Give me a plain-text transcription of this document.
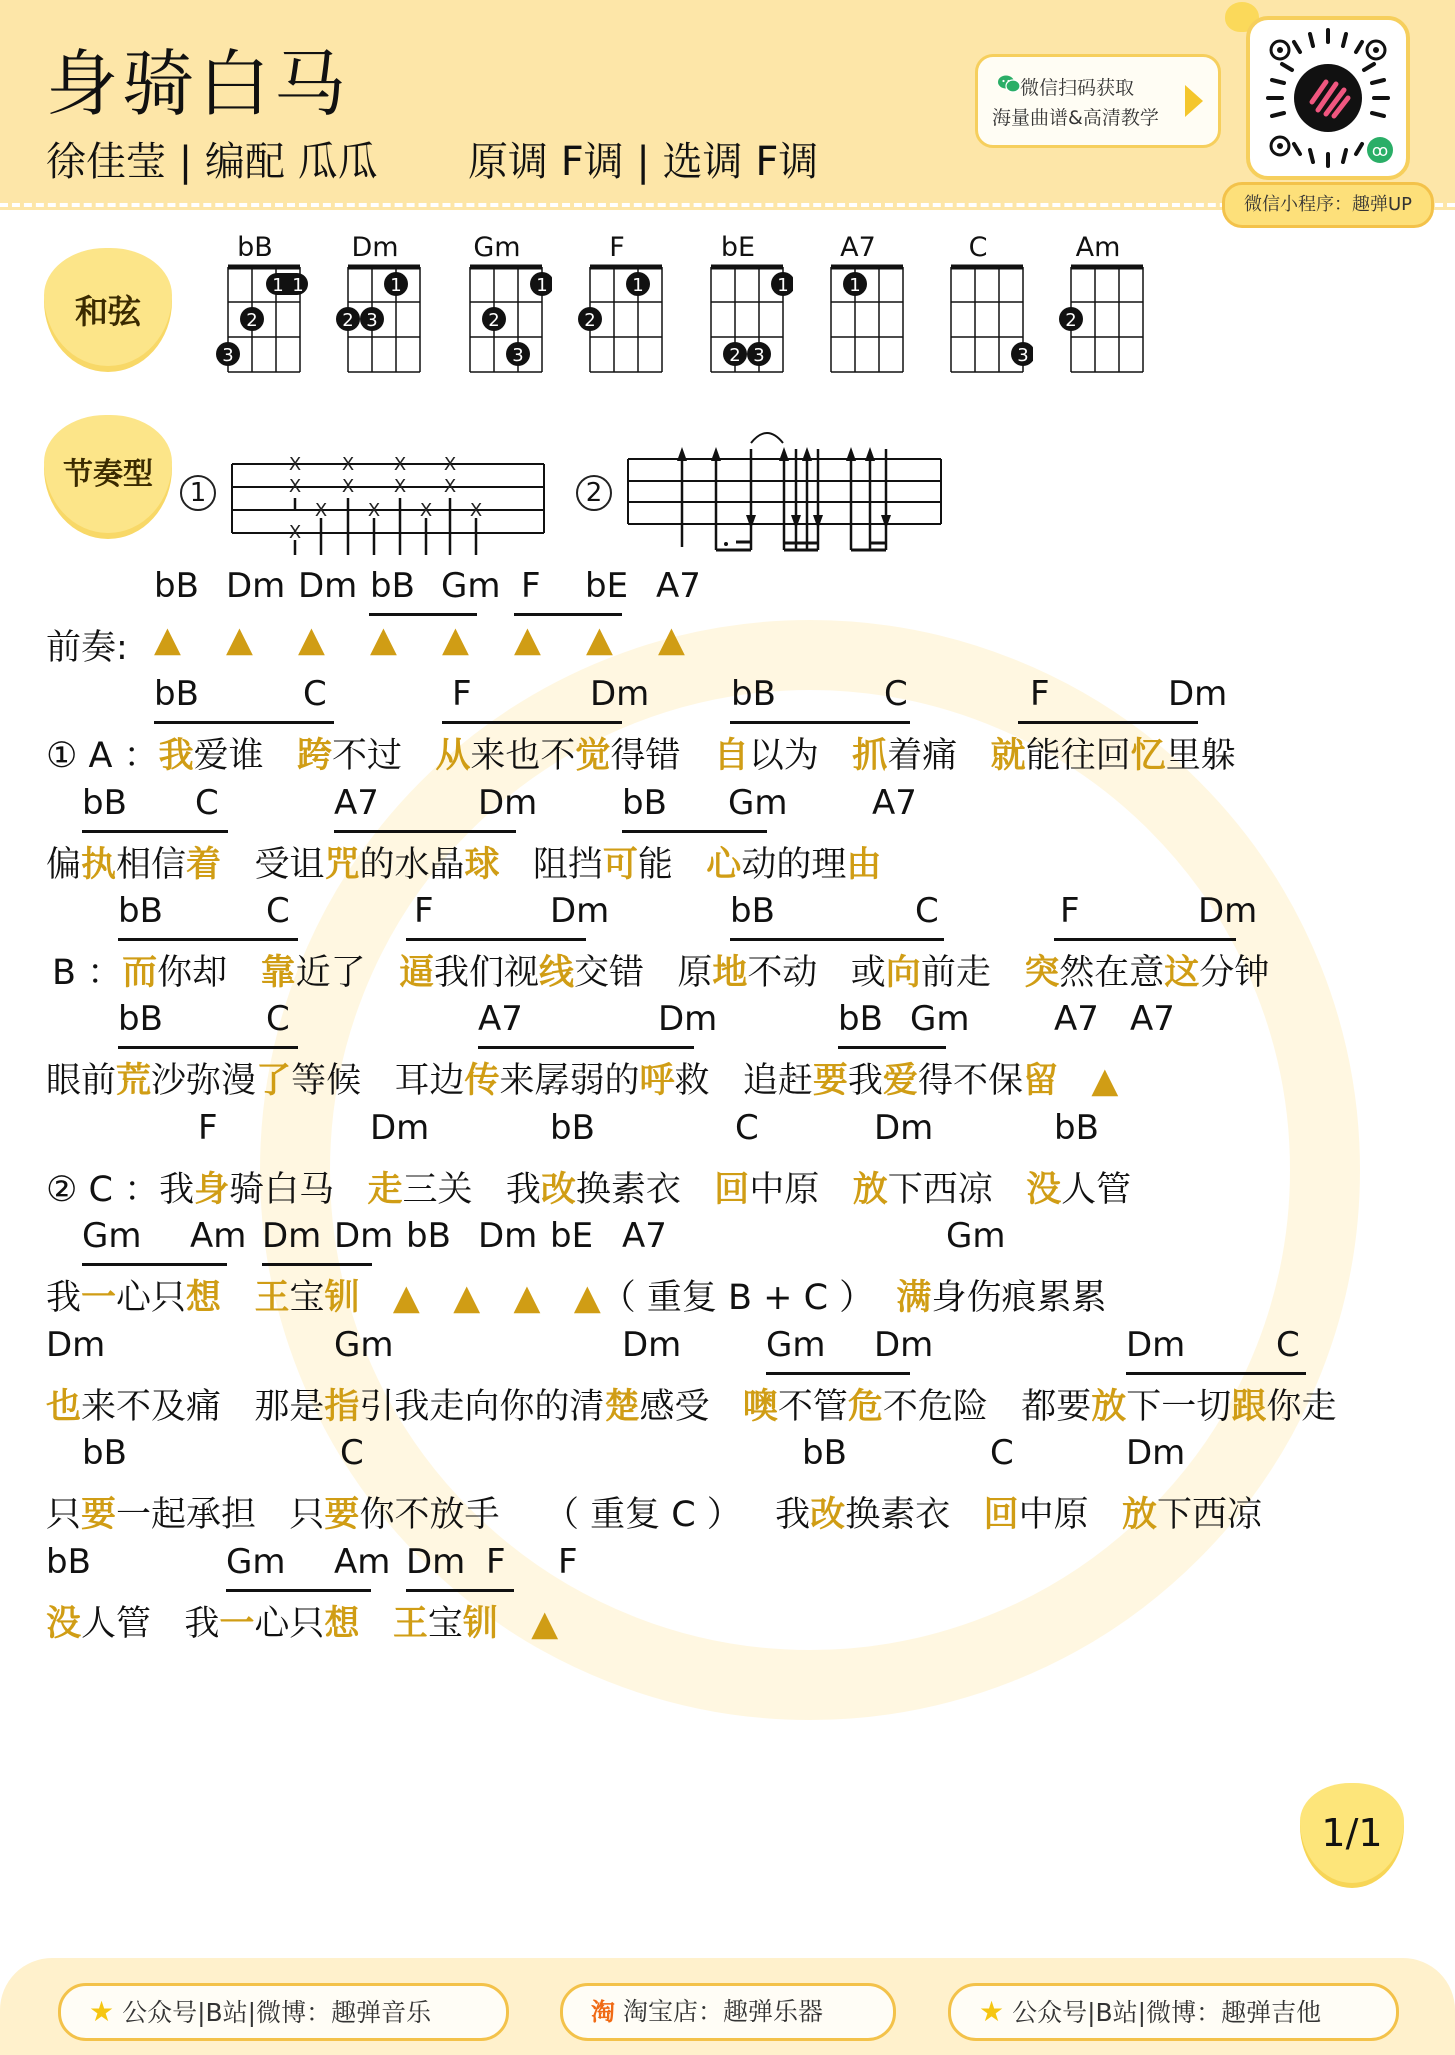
身骑白马
徐佳莹 | 编配 瓜瓜 原调 F调 | 选调 F调
微信扫码获取
海量曲谱&高清教学
ꝏ
微信小程序：趣弹UP
和弦
bB
1 1
2
3
Dm
1
2 3
Gm
1
2
3
F
1
2
bE
1
2 3
A7
1
C
3
Am
2
节奏型
1
X
X
X
X
X
X
X
X
X
X
X
X
X
2
bB Dm Dm bB Gm F bE A7
前奏: ▲ ▲ ▲ ▲ ▲ ▲ ▲ ▲
bB	C	F	Dm bB	C	F	Dm
① A ：我爱谁   跨不过   从来也不觉得错   自以为   抓着痛   就能往回忆里躲
bB C	A7	Dm bB Gm A7
偏执相信着   受诅咒的水晶球   阻挡可能   心动的理由
bB	C	F	Dm	bB	C	F	Dm
B ：而你却   靠近了   逼我们视线交错   原地不动   或向前走   突然在意这分钟
bB	C	A7	Dm	bB Gm A7 A7
眼前荒沙弥漫了等候   耳边传来孱弱的呼救   追赶要我爱得不保留 ▲
F	Dm	bB	C	Dm	bB
② C ：我身骑白马   走三关   我改换素衣   回中原   放下西凉   没人管
Gm Am Dm Dm bB Dm bE A7	Gm
我一心只想 王宝钏 ▲ ▲ ▲ ▲（ 重复 B + C ） 满身伤痕累累
Dm	Gm	Dm Gm Dm	Dm	C
也来不及痛   那是指引我走向你的清楚感受   噢不管危不危险   都要放下一切跟你走
bB	C	bB	C	Dm
只要一起承担   只要你不放手    （ 重复 C ）   我改换素衣   回中原   放下西凉
bB	Gm Am Dm F F
没人管   我一心只想 王宝钏 ▲
1/1
★ 公众号|B站|微博：趣弹音乐	淘 淘宝店：趣弹乐器	★ 公众号|B站|微博：趣弹吉他
